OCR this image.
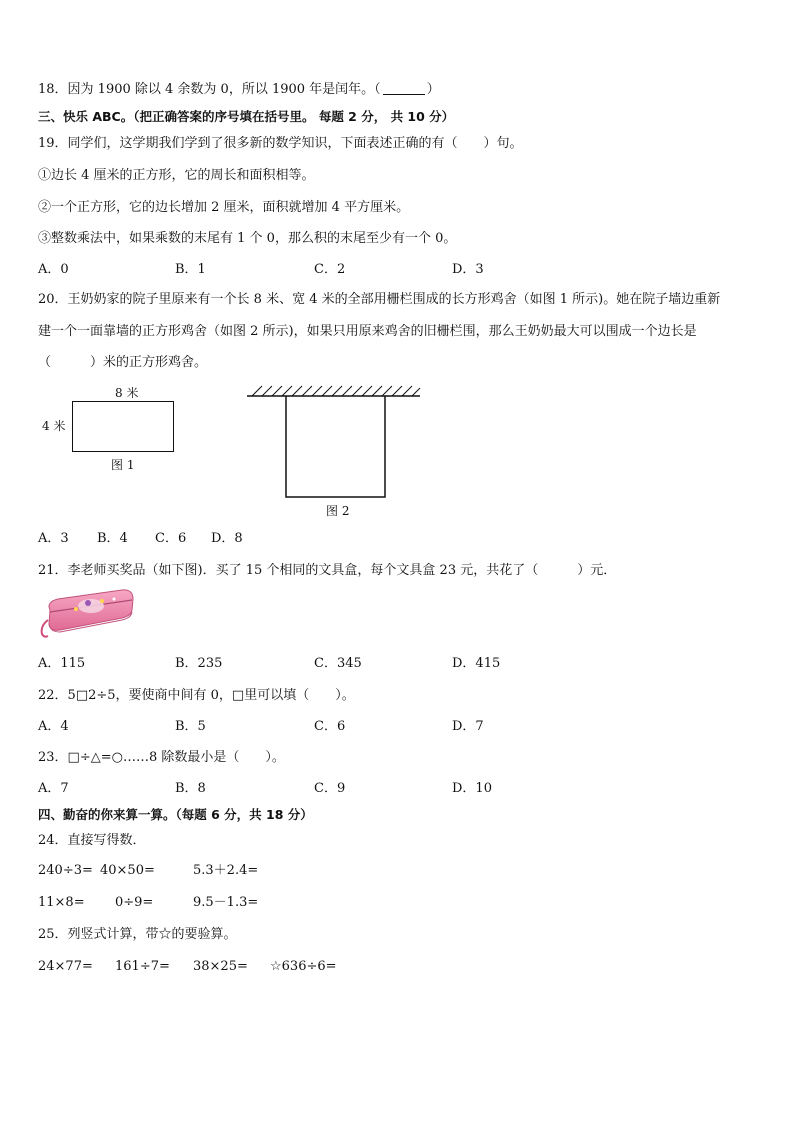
18．因为 1900 除以 4 余数为 0，所以 1900 年是闰年。（	）
三、快乐 ABC。（把正确答案的序号填在括号里。 每题 2 分， 共 10 分）
19．同学们，这学期我们学到了很多新的数学知识，下面表述正确的有（　　）句。
①边长 4 厘米的正方形，它的周长和面积相等。
②一个正方形，它的边长增加 2 厘米，面积就增加 4 平方厘米。
③整数乘法中，如果乘数的末尾有 1 个 0，那么积的末尾至少有一个 0。
A．0	B．1	C．2	D．3
20．王奶奶家的院子里原来有一个长 8 米、宽 4 米的全部用栅栏围成的长方形鸡舍（如图 1 所示)。她在院子墙边重新
建一个一面靠墙的正方形鸡舍（如图 2 所示)，如果只用原来鸡舍的旧栅栏围，那么王奶奶最大可以围成一个边长是
（　　　）米的正方形鸡舍。
8 米
4 米
图 1
图 2
A．3 B．4 C．6 D．8
21．李老师买奖品（如下图)．买了 15 个相同的文具盒，每个文具盒 23 元，共花了（　　　）元．
A．115	B．235	C．345	D．415
22．5□2÷5，要使商中间有 0，□里可以填（　　）。
A．4	B．5	C．6	D．7
23．□÷△=○……8 除数最小是（　　）。
A．7	B．8	C．9	D．10
四、勤奋的你来算一算。（每题 6 分，共 18 分）
24．直接写得数．
240÷3= 40×50=	5.3＋2.4=
11×8= 0÷9=	9.5－1.3=
25．列竖式计算，带☆的要验算。
24×77= 161÷7= 38×25= ☆636÷6=
